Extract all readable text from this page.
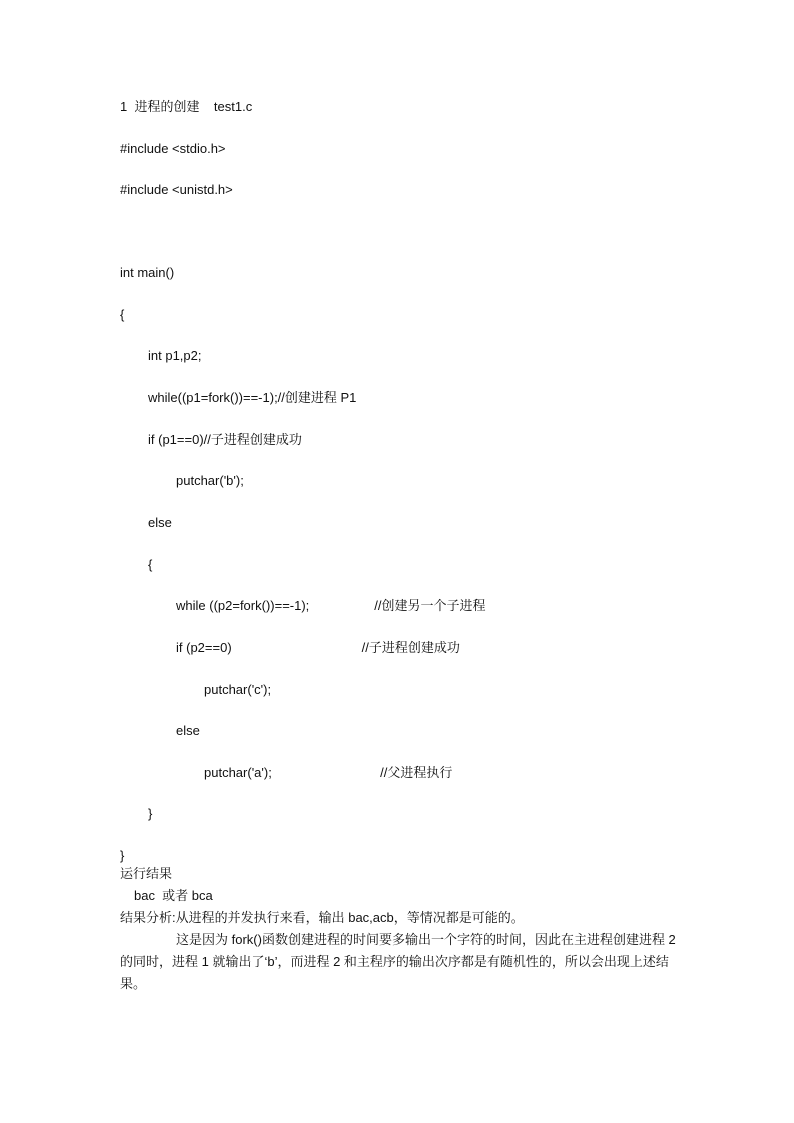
1  进程的创建    test1.c
#include <stdio.h>
#include <unistd.h>
int main()
{
int p1,p2;
while((p1=fork())==-1);//创建进程 P1
if (p1==0)//子进程创建成功
putchar('b');
else
{
while ((p2=fork())==-1);                  //创建另一个子进程
if (p2==0)                                    //子进程创建成功
putchar('c');
else
putchar('a');                              //父进程执行
}
}
运行结果
bac  或者 bca
结果分析:从进程的并发执行来看，输出 bac,acb，等情况都是可能的。
这是因为 fork()函数创建进程的时间要多输出一个字符的时间，因此在主进程创建进程 2 的同时，进程 1 就输出了‘b’，而进程 2 和主程序的输出次序都是有随机性的，所以会出现上述结果。
